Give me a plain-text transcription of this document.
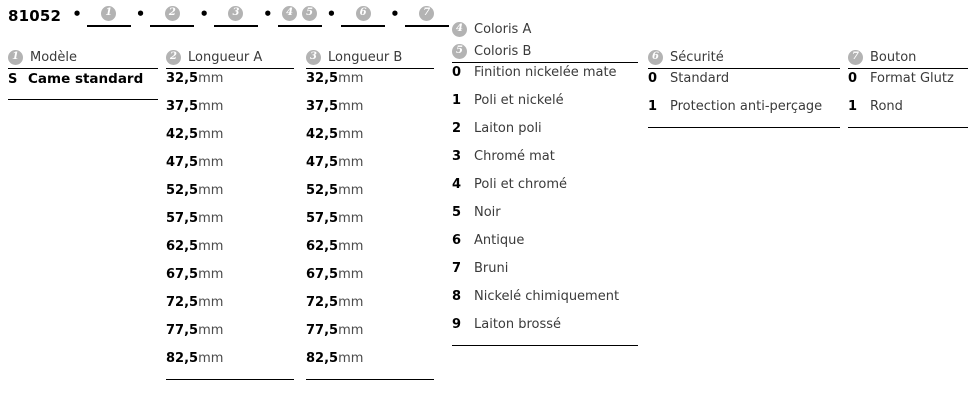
81052 •	1 •	2 •	3 •	4	5 •	6 •	7
1 Modèle
S Came standard
2 Longueur A
32,5mm
37,5mm
42,5mm
47,5mm
52,5mm
57,5mm
62,5mm
67,5mm
72,5mm
77,5mm
82,5mm
3 Longueur B
32,5mm
37,5mm
42,5mm
47,5mm
52,5mm
57,5mm
62,5mm
67,5mm
72,5mm
77,5mm
82,5mm
4 Coloris A
5 Coloris B
0 Finition nickelée mate
1 Poli et nickelé
2 Laiton poli
3 Chromé mat
4 Poli et chromé
5 Noir
6 Antique
7 Bruni
8 Nickelé chimiquement
9 Laiton brossé
6 Sécurité
0 Standard
1 Protection anti-perçage
7 Bouton
0 Format Glutz
1 Rond
